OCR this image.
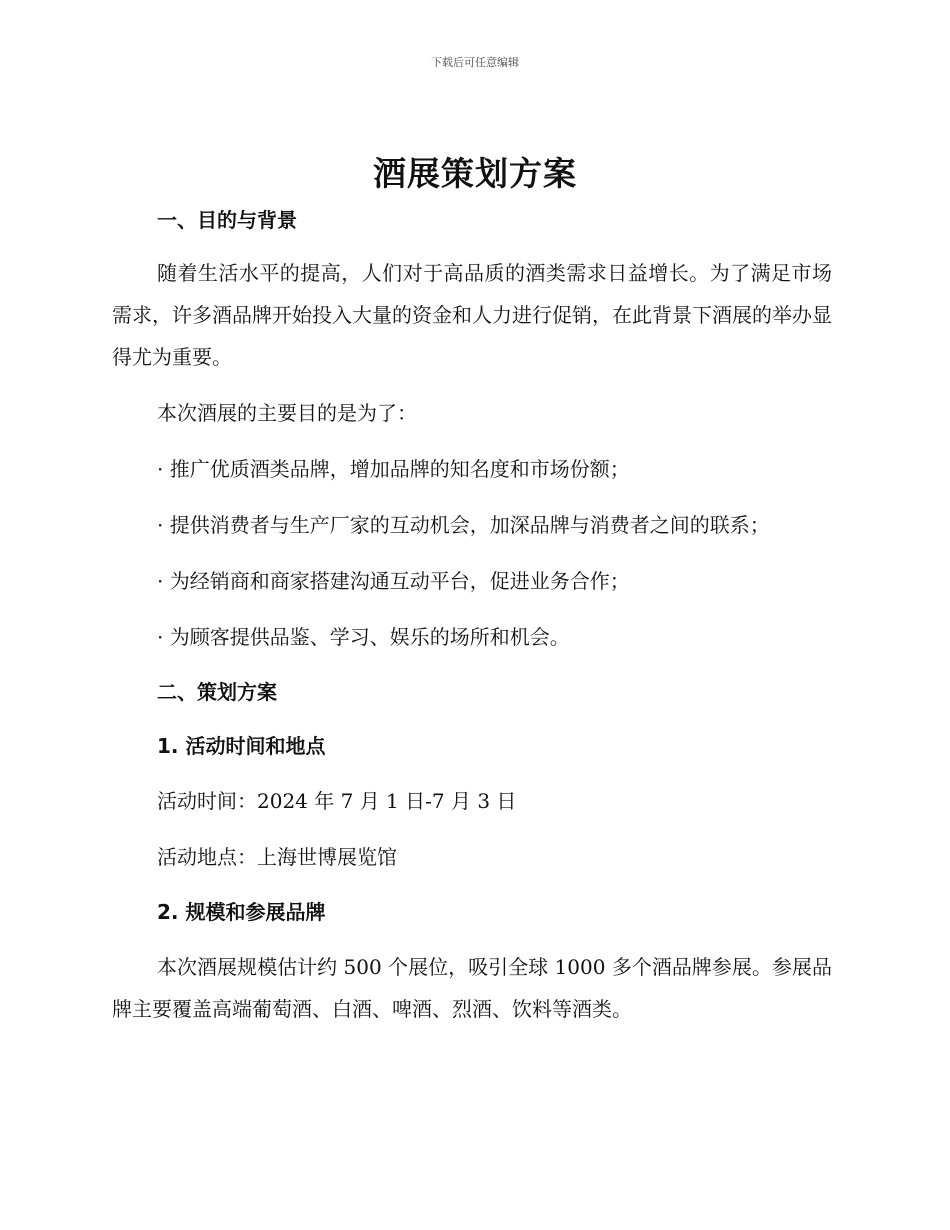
下载后可任意编辑
酒展策划方案

一、目的与背景

随着生活水平的提高，人们对于高品质的酒类需求日益增长。为了满足市场需求，许多酒品牌开始投入大量的资金和人力进行促销，在此背景下酒展的举办显得尤为重要。

本次酒展的主要目的是为了：

· 推广优质酒类品牌，增加品牌的知名度和市场份额；

· 提供消费者与生产厂家的互动机会，加深品牌与消费者之间的联系；

· 为经销商和商家搭建沟通互动平台，促进业务合作；

· 为顾客提供品鉴、学习、娱乐的场所和机会。

二、策划方案

1. 活动时间和地点

活动时间：2024 年 7 月 1 日-7 月 3 日

活动地点：上海世博展览馆

2. 规模和参展品牌

本次酒展规模估计约 500 个展位，吸引全球 1000 多个酒品牌参展。参展品牌主要覆盖高端葡萄酒、白酒、啤酒、烈酒、饮料等酒类。
